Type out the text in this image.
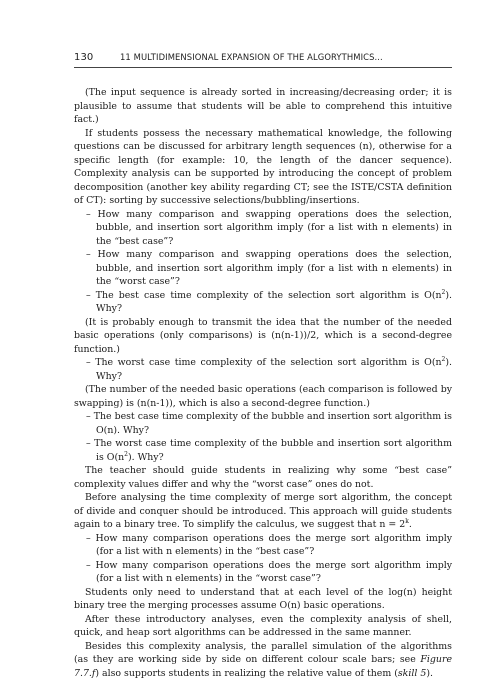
130	11 MULTIDIMENSIONAL EXPANSION OF THE ALGORYTHMICS...

(The input sequence is already sorted in increasing/decreasing order; it is plausible to assume that students will be able to comprehend this intuitive fact.)

If students possess the necessary mathematical knowledge, the following questions can be discussed for arbitrary length sequences (n), otherwise for a specific length (for example: 10, the length of the dancer sequence). Complexity analysis can be supported by introducing the concept of problem decomposition (another key ability regarding CT; see the ISTE/CSTA definition of CT): sorting by successive selections/bubbling/insertions.

– How many comparison and swapping operations does the selection, bubble, and insertion sort algorithm imply (for a list with n elements) in the “best case”?

– How many comparison and swapping operations does the selection, bubble, and insertion sort algorithm imply (for a list with n elements) in the “worst case”?

– The best case time complexity of the selection sort algorithm is $O(n^2)$. Why?

(It is probably enough to transmit the idea that the number of the needed basic operations (only comparisons) is (n(n-1))/2, which is a second-degree function.)

– The worst case time complexity of the selection sort algorithm is $O(n^2)$. Why?

(The number of the needed basic operations (each comparison is followed by swapping) is (n(n-1)), which is also a second-degree function.)

– The best case time complexity of the bubble and insertion sort algorithm is O(n). Why?

– The worst case time complexity of the bubble and insertion sort algorithm is $O(n^2)$. Why?

The teacher should guide students in realizing why some “best case” complexity values differ and why the “worst case” ones do not.

Before analysing the time complexity of merge sort algorithm, the concept of divide and conquer should be introduced. This approach will guide students again to a binary tree. To simplify the calculus, we suggest that $n = 2^k$.

– How many comparison operations does the merge sort algorithm imply (for a list with n elements) in the “best case”?

– How many comparison operations does the merge sort algorithm imply (for a list with n elements) in the “worst case”?

Students only need to understand that at each level of the log(n) height binary tree the merging processes assume O(n) basic operations.

After these introductory analyses, even the complexity analysis of shell, quick, and heap sort algorithms can be addressed in the same manner.

Besides this complexity analysis, the parallel simulation of the algorithms (as they are working side by side on different colour scale bars; see Figure 7.7.f) also supports students in realizing the relative value of them (skill 5).
